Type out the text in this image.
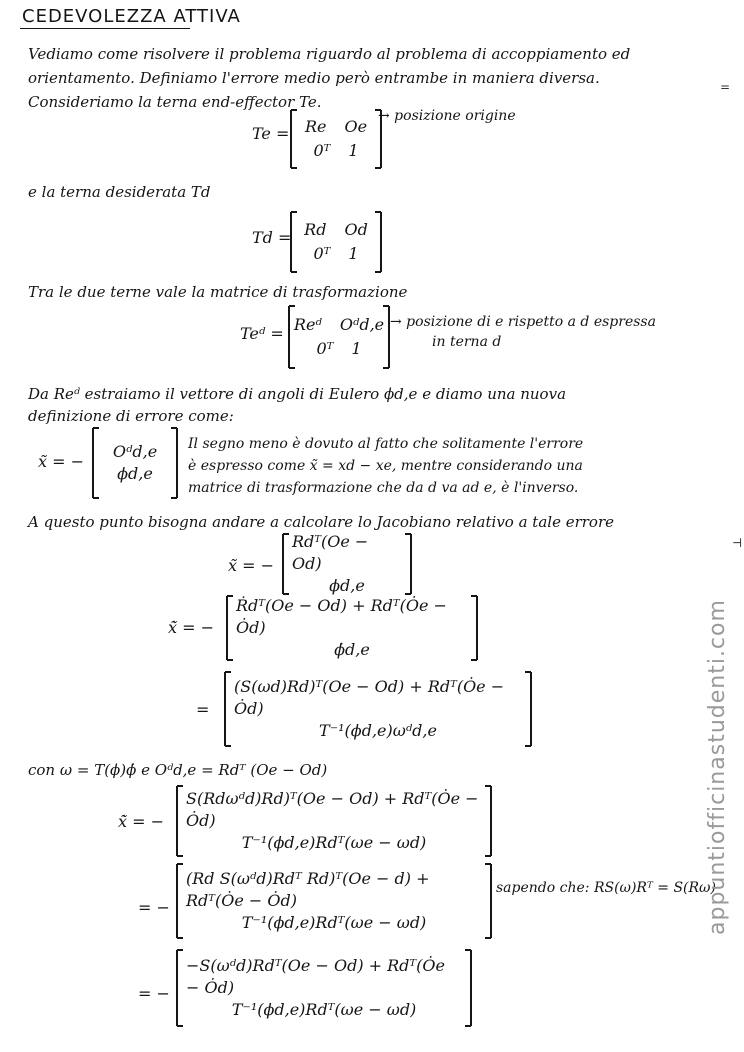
CEDEVOLEZZA ATTIVA
Vediamo come risolvere il problema riguardo al problema di accoppiamento ed orientamento. Definiamo l'errore medio però entrambe in maniera diversa. Consideriamo la terna end-effector Te.
Te = Re Oe
0ᵀ 1
→ posizione origine
e la terna desiderata Td
Td = Rd Od
0ᵀ 1
Tra le due terne vale la matrice di trasformazione
Teᵈ = Reᵈ Oᵈd,e
0ᵀ 1
→ posizione di e rispetto a d espressa
in terna d
Da Reᵈ estraiamo il vettore di angoli di Eulero ϕd,e e diamo una nuova
definizione di errore come:
x̃ = −
Oᵈd,e
ϕd,e
Il segno meno è dovuto al fatto che solitamente l'errore
è espresso come x̃ = xd − xe, mentre considerando una
matrice di trasformazione che da d va ad e, è l'inverso.
A questo punto bisogna andare a calcolare lo Jacobiano relativo a tale errore
x̃ = −
Rdᵀ(Oe − Od)
ϕd,e
x̃̇ = −
Ṙdᵀ(Oe − Od) + Rdᵀ(Ȯe − Ȯd)
ϕ̇d,e
=
(S(ωd)Rd)ᵀ(Oe − Od) + Rdᵀ(Ȯe − Ȯd)
T⁻¹(ϕd,e)ωᵈd,e
con ω = T(ϕ)ϕ̇ e Oᵈd,e = Rdᵀ (Oe − Od)
x̃̇ = −
S(Rdωᵈd)Rd)ᵀ(Oe − Od) + Rdᵀ(Ȯe − Ȯd)
T⁻¹(ϕd,e)Rdᵀ(ωe − ωd)
= −
(Rd S(ωᵈd)Rdᵀ Rd)ᵀ(Oe − d) + Rdᵀ(Ȯe − Ȯd)
T⁻¹(ϕd,e)Rdᵀ(ωe − ωd)
sapendo che: RS(ω)Rᵀ = S(Rω)
= −
−S(ωᵈd)Rdᵀ(Oe − Od) + Rdᵀ(Ȯe − Ȯd)
T⁻¹(ϕd,e)Rdᵀ(ωe − ωd)
=
⊣
appuntiofficinastudenti.com
